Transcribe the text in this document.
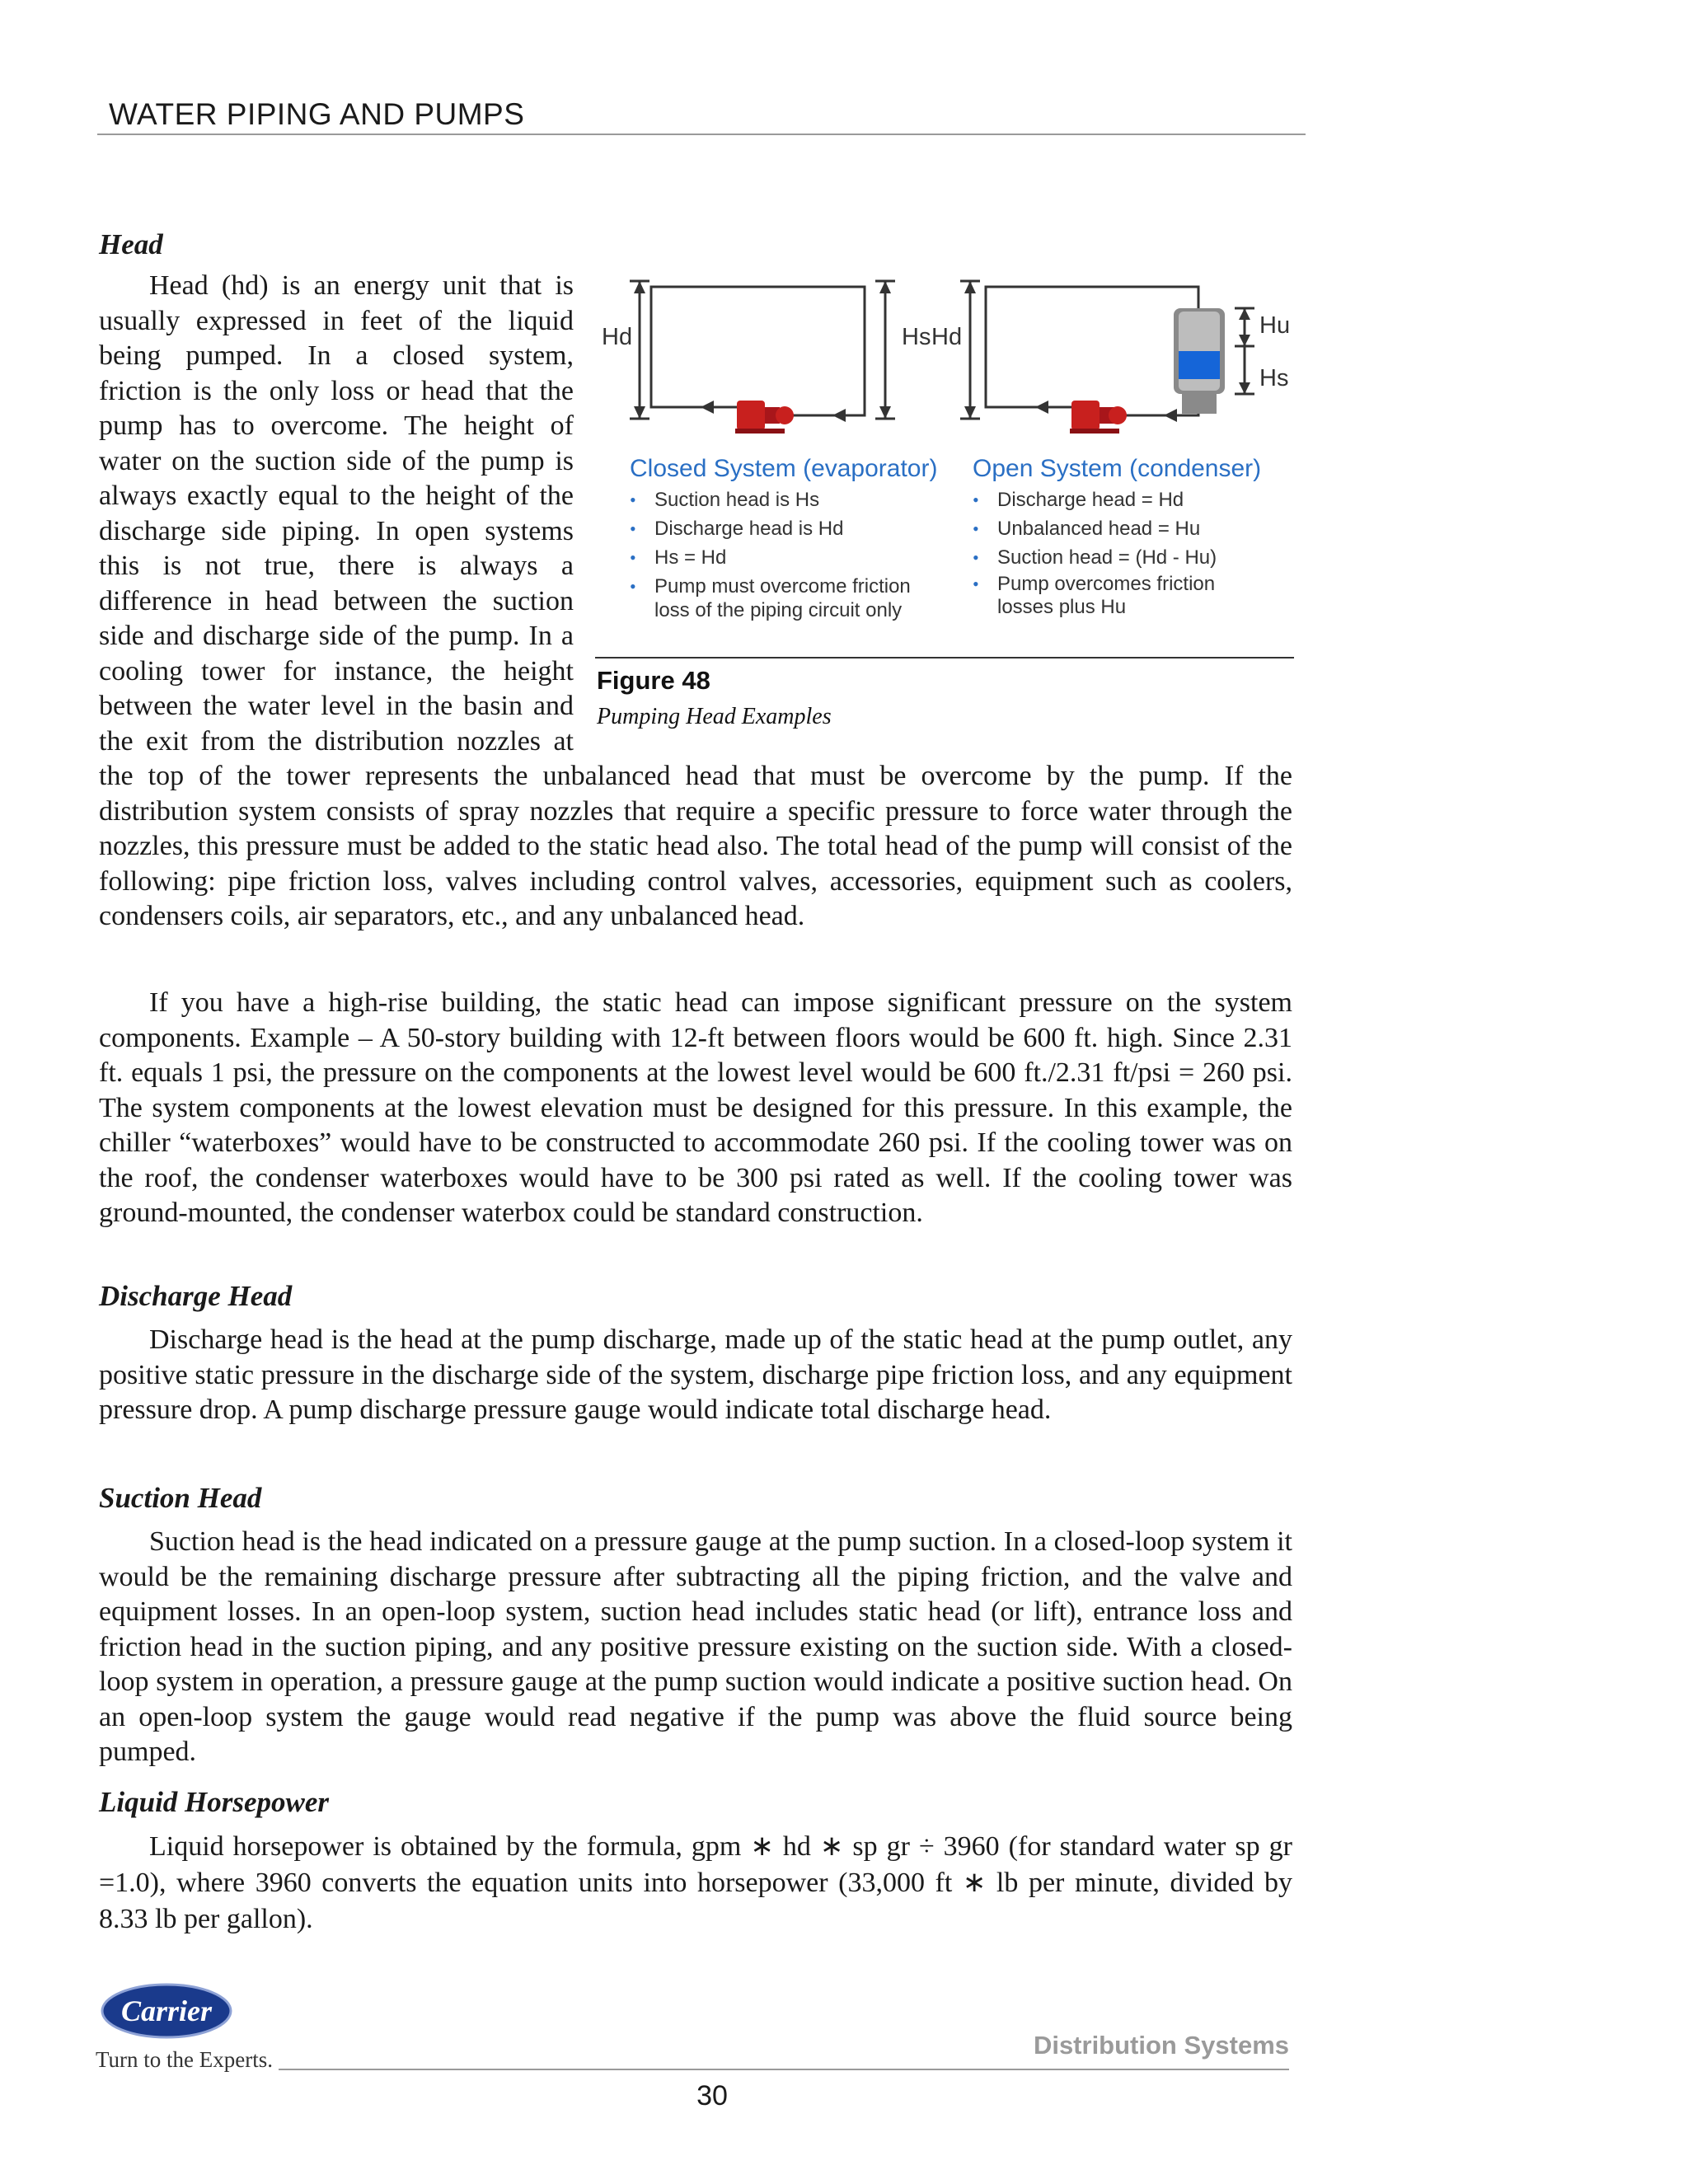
WATER PIPING AND PUMPS

Head

Hd	Hs
Closed System (evaporator)
• Suction head is Hs
• Discharge head is Hd
• Hs = Hd
• Pump must overcome friction
loss of the piping circuit only
Hd	Hu
Hs
Open System (condenser)
• Discharge head = Hd
• Unbalanced head = Hu
• Suction head = (Hd - Hu)
• Pump overcomes friction
losses plus Hu
Figure 48
Pumping Head Examples

Head (hd) is an energy unit that is usually expressed in feet of the liquid being pumped. In a closed system, friction is the only loss or head that the pump has to overcome. The height of water on the suction side of the pump is always exactly equal to the height of the discharge side piping. In open systems this is not true, there is always a difference in head between the suction side and discharge side of the pump. In a cooling tower for instance, the height between the water level in the basin and the exit from the distribution nozzles at the top of the tower represents the unbalanced head that must be overcome by the pump. If the distribution system consists of spray nozzles that require a specific pressure to force water through the nozzles, this pressure must be added to the static head also. The total head of the pump will consist of the following: pipe friction loss, valves including control valves, accessories, equipment such as coolers, condensers coils, air separators, etc., and any unbalanced head.

If you have a high-rise building, the static head can impose significant pressure on the system components. Example – A 50-story building with 12-ft between floors would be 600 ft. high. Since 2.31 ft. equals 1 psi, the pressure on the components at the lowest level would be 600 ft./2.31 ft/psi = 260 psi. The system components at the lowest elevation must be designed for this pressure. In this example, the chiller “waterboxes” would have to be constructed to accommodate 260 psi. If the cooling tower was on the roof, the condenser waterboxes would have to be 300 psi rated as well. If the cooling tower was ground-mounted, the condenser waterbox could be standard construction.

Discharge Head

Discharge head is the head at the pump discharge, made up of the static head at the pump outlet, any positive static pressure in the discharge side of the system, discharge pipe friction loss, and any equipment pressure drop. A pump discharge pressure gauge would indicate total discharge head.

Suction Head

Suction head is the head indicated on a pressure gauge at the pump suction. In a closed-loop system it would be the remaining discharge pressure after subtracting all the piping friction, and the valve and equipment losses. In an open-loop system, suction head includes static head (or lift), entrance loss and friction head in the suction piping, and any positive pressure existing on the suction side. With a closed-loop system in operation, a pressure gauge at the pump suction would indicate a positive suction head. On an open-loop system the gauge would read negative if the pump was above the fluid source being pumped.

Liquid Horsepower

Liquid horsepower is obtained by the formula, gpm ∗ hd ∗ sp gr ÷ 3960 (for standard water sp gr =1.0), where 3960 converts the equation units into horsepower (33,000 ft ∗ lb per minute, divided by 8.33 lb per gallon).

Carrier
Turn to the Experts.	Distribution Systems
30
